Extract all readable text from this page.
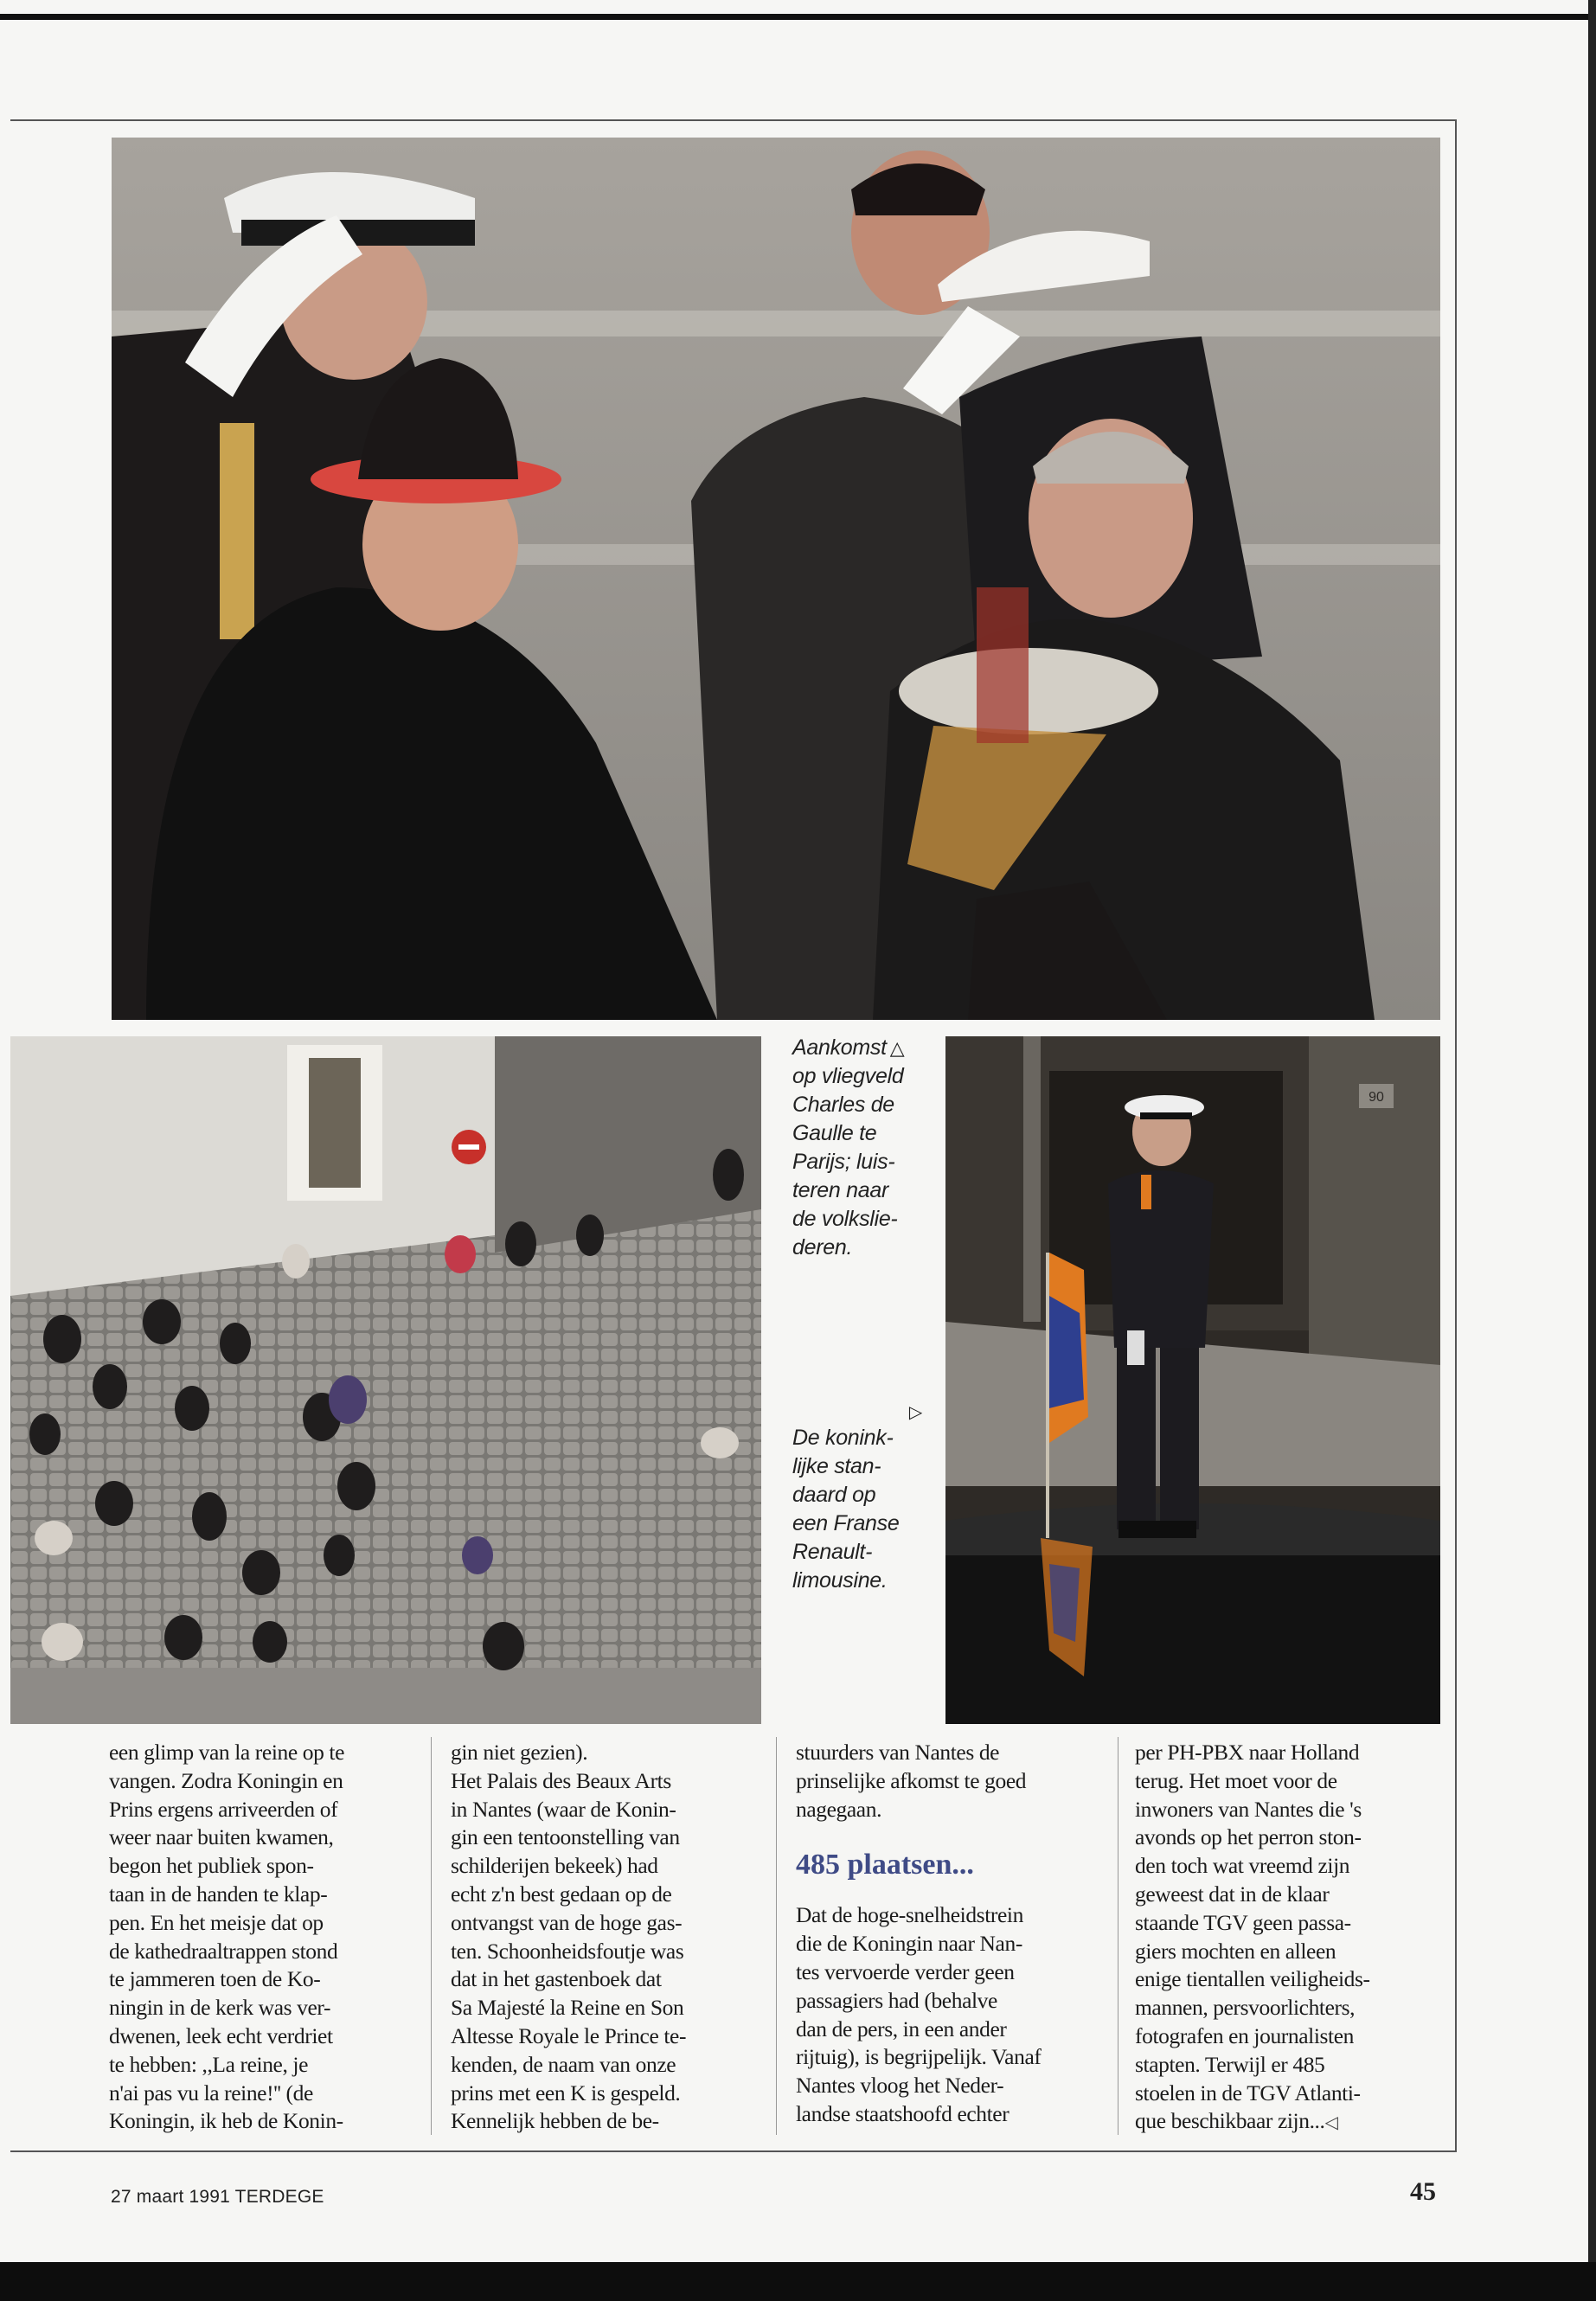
90
Aankomst △
op vliegveld
Charles de
Gaulle te
Parijs; luis-
teren naar
de volkslie-
deren.
▷
De konink-
lijke stan-
daard op
een Franse
Renault-
limousine.
een glimp van la reine op te
vangen. Zodra Koningin en
Prins ergens arriveerden of
weer naar buiten kwamen,
begon het publiek spon-
taan in de handen te klap-
pen. En het meisje dat op
de kathedraaltrappen stond
te jammeren toen de Ko-
ningin in de kerk was ver-
dwenen, leek echt verdriet
te hebben: ,,La reine, je
n'ai pas vu la reine!'' (de
Koningin, ik heb de Konin-
gin niet gezien).
Het Palais des Beaux Arts
in Nantes (waar de Konin-
gin een tentoonstelling van
schilderijen bekeek) had
echt z'n best gedaan op de
ontvangst van de hoge gas-
ten. Schoonheidsfoutje was
dat in het gastenboek dat
Sa Majesté la Reine en Son
Altesse Royale le Prince te-
kenden, de naam van onze
prins met een K is gespeld.
Kennelijk hebben de be-
stuurders van Nantes de
prinselijke afkomst te goed
nagegaan.
485 plaatsen...
Dat de hoge-snelheidstrein
die de Koningin naar Nan-
tes vervoerde verder geen
passagiers had (behalve
dan de pers, in een ander
rijtuig), is begrijpelijk. Vanaf
Nantes vloog het Neder-
landse staatshoofd echter
per PH-PBX naar Holland
terug. Het moet voor de
inwoners van Nantes die 's
avonds op het perron ston-
den toch wat vreemd zijn
geweest dat in de klaar
staande TGV geen passa-
giers mochten en alleen
enige tientallen veiligheids-
mannen, persvoorlichters,
fotografen en journalisten
stapten. Terwijl er 485
stoelen in de TGV Atlanti-
que beschikbaar zijn...◁
27 maart 1991 TERDEGE	45
